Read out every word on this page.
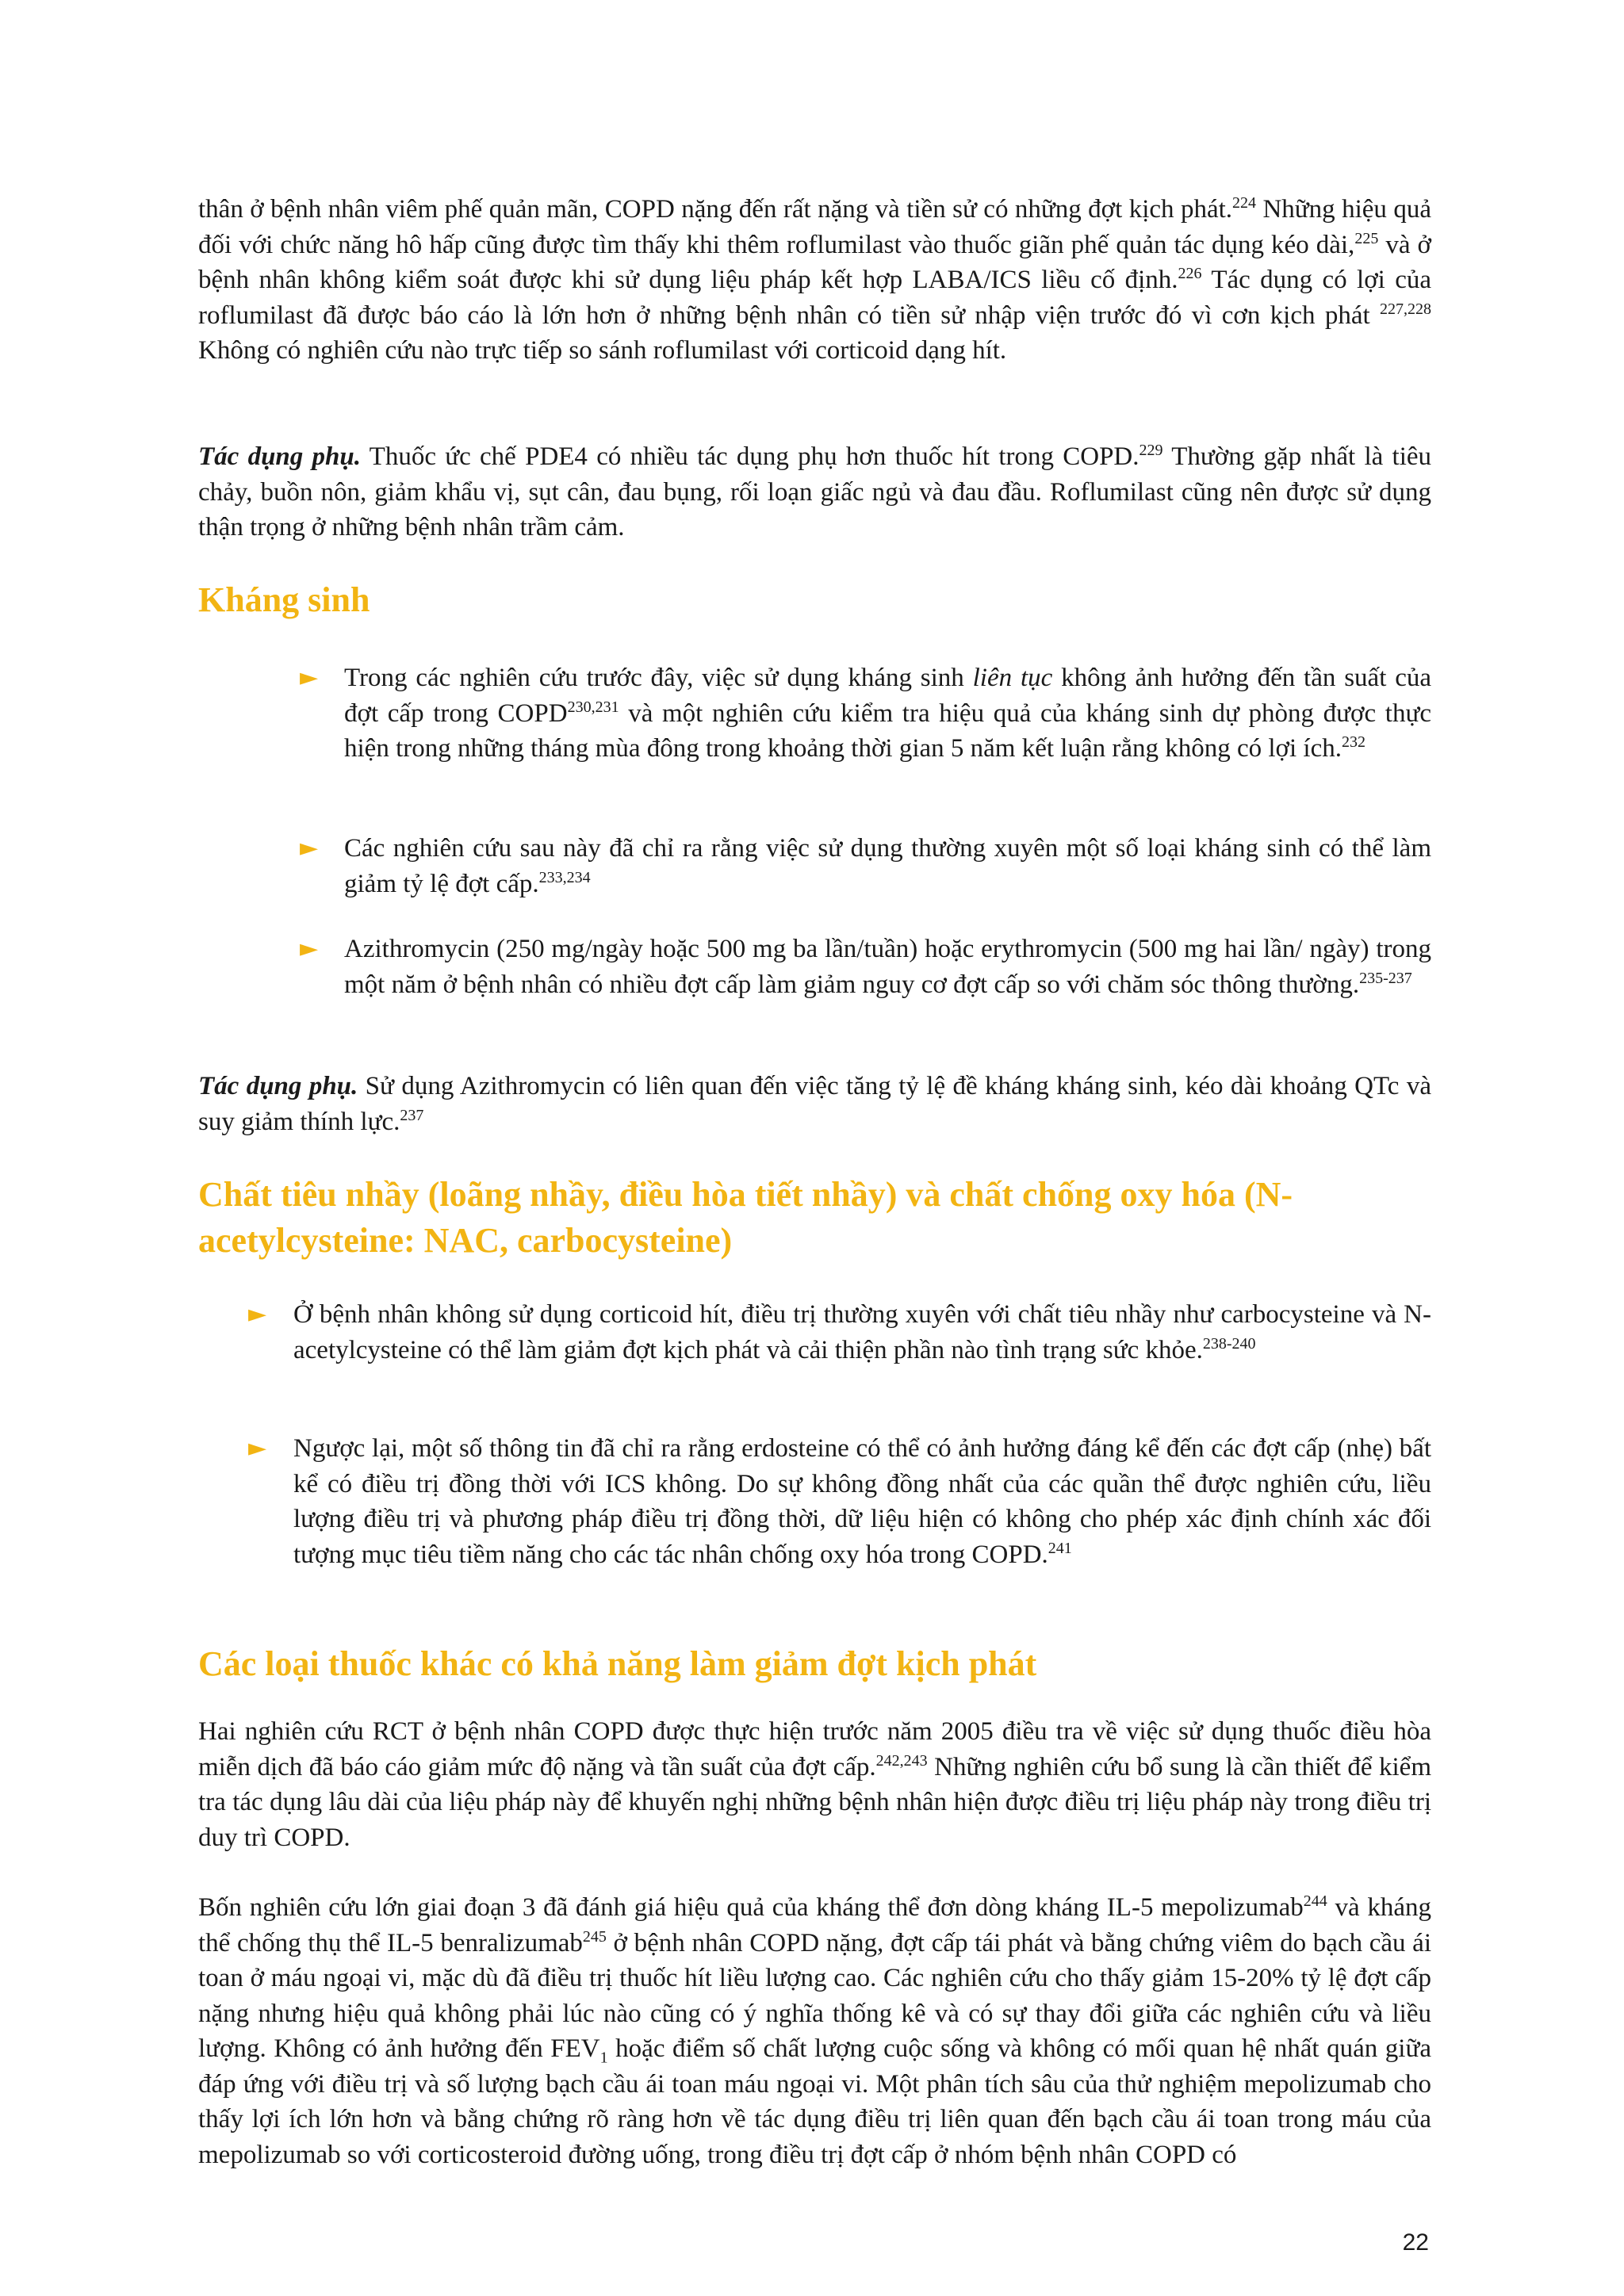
thân ở bệnh nhân viêm phế quản mãn, COPD nặng đến rất nặng và tiền sử có những đợt kịch phát.$^{224}$ Những hiệu quả đối với chức năng hô hấp cũng được tìm thấy khi thêm roflumilast vào thuốc giãn phế quản tác dụng kéo dài,$^{225}$ và ở bệnh nhân không kiểm soát được khi sử dụng liệu pháp kết hợp LABA/ICS liều cố định.$^{226}$ Tác dụng có lợi của roflumilast đã được báo cáo là lớn hơn ở những bệnh nhân có tiền sử nhập viện trước đó vì cơn kịch phát $^{227,228}$ Không có nghiên cứu nào trực tiếp so sánh roflumilast với corticoid dạng hít.

Tác dụng phụ. Thuốc ức chế PDE4 có nhiều tác dụng phụ hơn thuốc hít trong COPD.$^{229}$ Thường gặp nhất là tiêu chảy, buồn nôn, giảm khẩu vị, sụt cân, đau bụng, rối loạn giấc ngủ và đau đầu. Roflumilast cũng nên được sử dụng thận trọng ở những bệnh nhân trầm cảm.

Kháng sinh
► Trong các nghiên cứu trước đây, việc sử dụng kháng sinh liên tục không ảnh hưởng đến tần suất của đợt cấp trong COPD$^{230,231}$ và một nghiên cứu kiểm tra hiệu quả của kháng sinh dự phòng được thực hiện trong những tháng mùa đông trong khoảng thời gian 5 năm kết luận rằng không có lợi ích.$^{232}$

► Các nghiên cứu sau này đã chỉ ra rằng việc sử dụng thường xuyên một số loại kháng sinh có thể làm giảm tỷ lệ đợt cấp.$^{233,234}$

► Azithromycin (250 mg/ngày hoặc 500 mg ba lần/tuần) hoặc erythromycin (500 mg hai lần/ ngày) trong một năm ở bệnh nhân có nhiều đợt cấp làm giảm nguy cơ đợt cấp so với chăm sóc thông thường.$^{235-237}$

Tác dụng phụ. Sử dụng Azithromycin có liên quan đến việc tăng tỷ lệ đề kháng kháng sinh, kéo dài khoảng QTc và suy giảm thính lực.$^{237}$

Chất tiêu nhầy (loãng nhầy, điều hòa tiết nhầy) và chất chống oxy hóa (N-acetylcysteine: NAC, carbocysteine)
► Ở bệnh nhân không sử dụng corticoid hít, điều trị thường xuyên với chất tiêu nhầy như carbocysteine và N-acetylcysteine có thể làm giảm đợt kịch phát và cải thiện phần nào tình trạng sức khỏe.$^{238-240}$

► Ngược lại, một số thông tin đã chỉ ra rằng erdosteine có thể có ảnh hưởng đáng kể đến các đợt cấp (nhẹ) bất kể có điều trị đồng thời với ICS không. Do sự không đồng nhất của các quần thể được nghiên cứu, liều lượng điều trị và phương pháp điều trị đồng thời, dữ liệu hiện có không cho phép xác định chính xác đối tượng mục tiêu tiềm năng cho các tác nhân chống oxy hóa trong COPD.$^{241}$

Các loại thuốc khác có khả năng làm giảm đợt kịch phát

Hai nghiên cứu RCT ở bệnh nhân COPD được thực hiện trước năm 2005 điều tra về việc sử dụng thuốc điều hòa miễn dịch đã báo cáo giảm mức độ nặng và tần suất của đợt cấp.$^{242,243}$ Những nghiên cứu bổ sung là cần thiết để kiểm tra tác dụng lâu dài của liệu pháp này để khuyến nghị những bệnh nhân hiện được điều trị liệu pháp này trong điều trị duy trì COPD.

Bốn nghiên cứu lớn giai đoạn 3 đã đánh giá hiệu quả của kháng thể đơn dòng kháng IL-5 mepolizumab$^{244}$ và kháng thể chống thụ thể IL-5 benralizumab$^{245}$ ở bệnh nhân COPD nặng, đợt cấp tái phát và bằng chứng viêm do bạch cầu ái toan ở máu ngoại vi, mặc dù đã điều trị thuốc hít liều lượng cao. Các nghiên cứu cho thấy giảm 15-20% tỷ lệ đợt cấp nặng nhưng hiệu quả không phải lúc nào cũng có ý nghĩa thống kê và có sự thay đổi giữa các nghiên cứu và liều lượng. Không có ảnh hưởng đến $FEV_1$ hoặc điểm số chất lượng cuộc sống và không có mối quan hệ nhất quán giữa đáp ứng với điều trị và số lượng bạch cầu ái toan máu ngoại vi. Một phân tích sâu của thử nghiệm mepolizumab cho thấy lợi ích lớn hơn và bằng chứng rõ ràng hơn về tác dụng điều trị liên quan đến bạch cầu ái toan trong máu của mepolizumab so với corticosteroid đường uống, trong điều trị đợt cấp ở nhóm bệnh nhân COPD có

22
